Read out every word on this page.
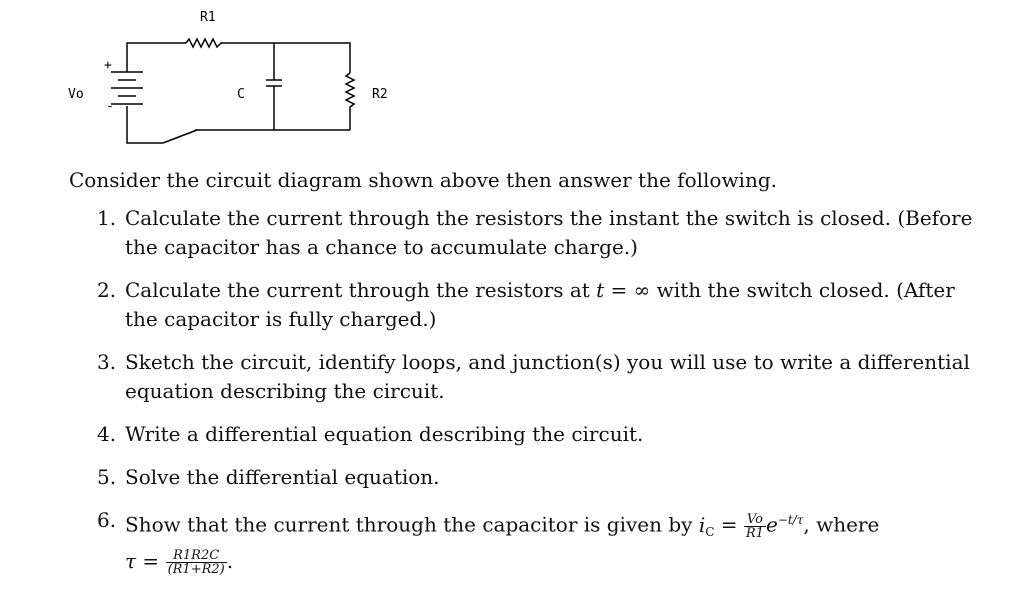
R1
C	R2
Vo
+
-
Consider the circuit diagram shown above then answer the following.
1. Calculate the current through the resistors the instant the switch is closed. (Before the capacitor has a chance to accumulate charge.)
2. Calculate the current through the resistors at t = ∞ with the switch closed. (After the capacitor is fully charged.)
3. Sketch the circuit, identify loops, and junction(s) you will use to write a differential equation describing the circuit.
4. Write a differential equation describing the circuit.
5. Solve the differential equation.
6. Show that the current through the capacitor is given by $i_C = \frac{Vo}{R1} e^{-t/\tau}$, where
$\tau = \frac{R1R2C}{(R1+R2)}$ .
